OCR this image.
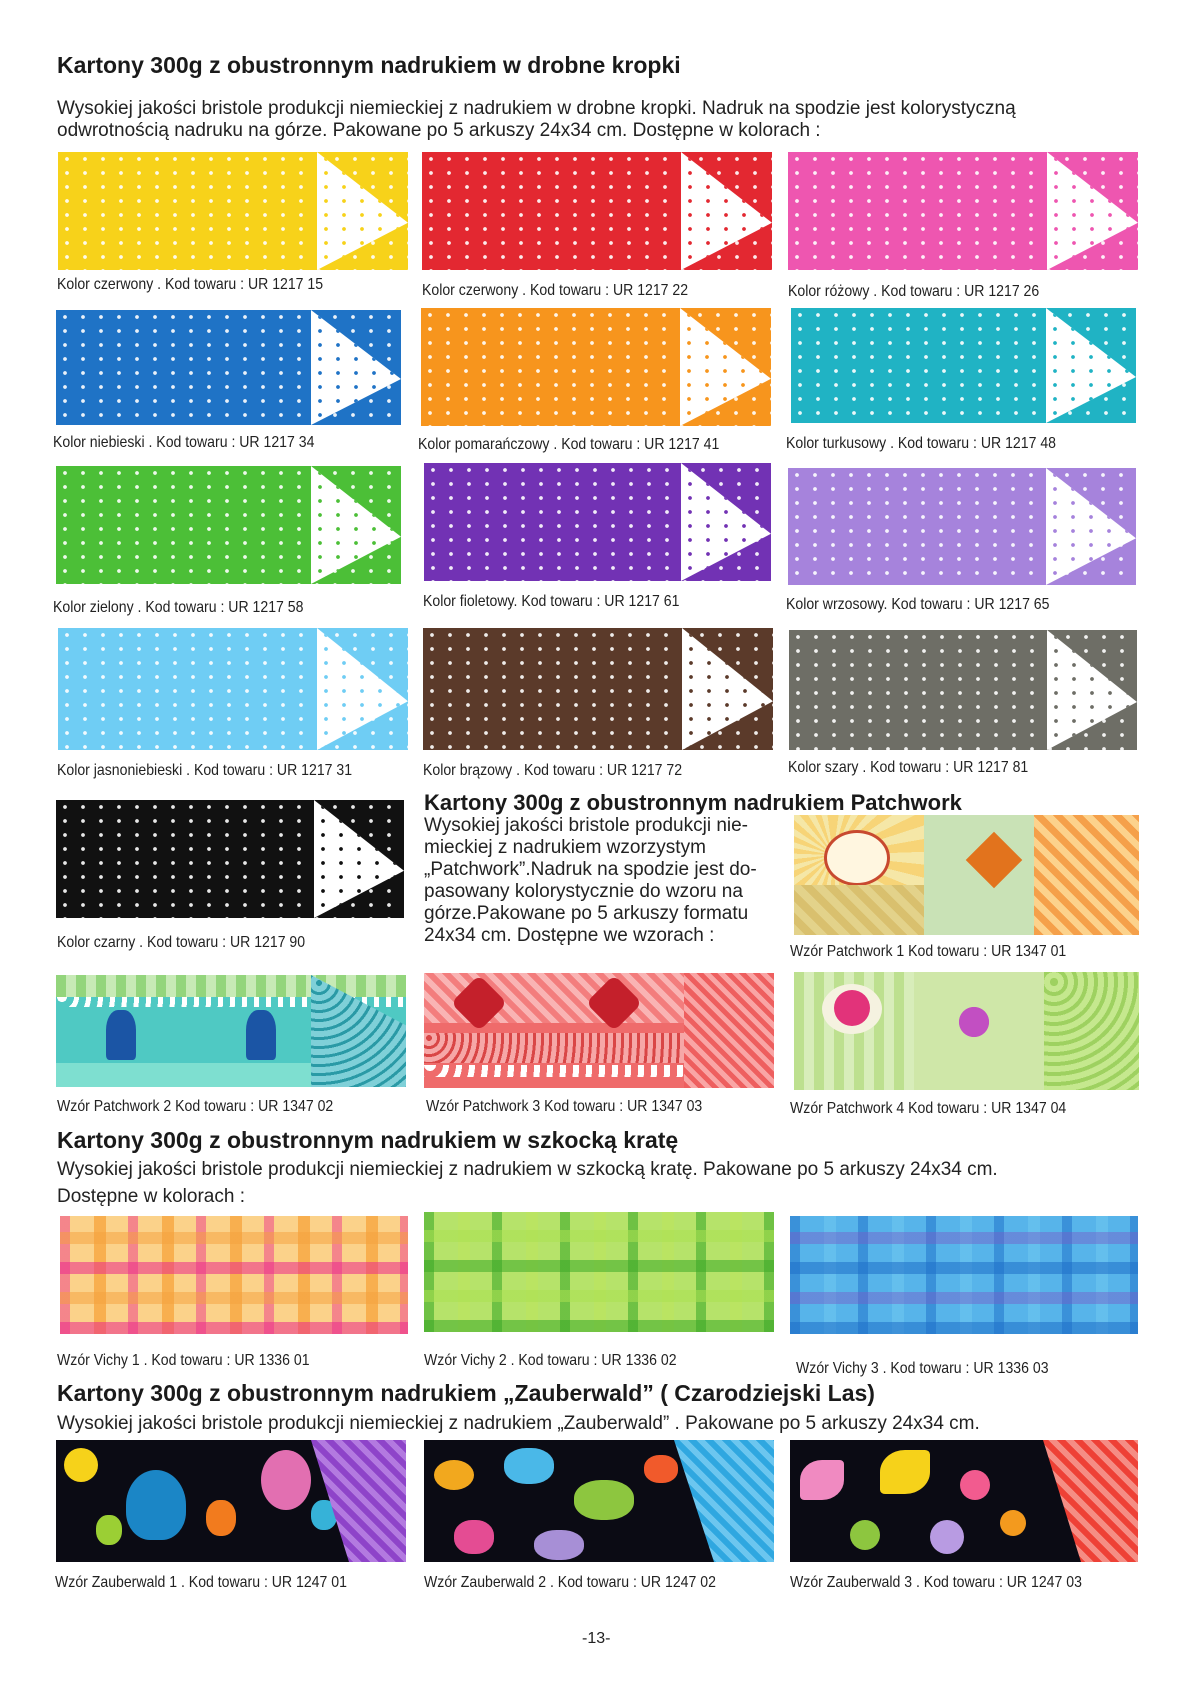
Kartony 300g z obustronnym nadrukiem w drobne kropki
Wysokiej jakości bristole produkcji niemieckiej z nadrukiem w drobne kropki. Nadruk na spodzie jest kolorystyczną
odwrotnością nadruku na górze. Pakowane po 5 arkuszy 24x34 cm. Dostępne w kolorach :
Kolor czerwony . Kod towaru : UR 1217 15	Kolor czerwony . Kod towaru : UR 1217 22	Kolor różowy . Kod towaru : UR 1217 26
Kolor niebieski . Kod towaru : UR 1217 34	Kolor pomarańczowy . Kod towaru : UR 1217 41	Kolor turkusowy . Kod towaru : UR 1217 48
Kolor zielony . Kod towaru : UR 1217 58	Kolor fioletowy. Kod towaru : UR 1217 61	Kolor wrzosowy. Kod towaru : UR 1217 65
Kolor jasnoniebieski . Kod towaru : UR 1217 31	Kolor brązowy . Kod towaru : UR 1217 72	Kolor szary . Kod towaru : UR 1217 81
Kolor czarny . Kod towaru : UR 1217 90
Kartony 300g z obustronnym nadrukiem Patchwork
Wysokiej jakości bristole produkcji nie-
mieckiej z nadrukiem wzorzystym
„Patchwork”.Nadruk na spodzie jest do-
pasowany kolorystycznie do wzoru na
górze.Pakowane po 5 arkuszy formatu
24x34 cm. Dostępne we wzorach :
Kartony 300g z obustronnym nadrukiem w szkocką kratę
Wysokiej jakości bristole produkcji niemieckiej z nadrukiem w szkocką kratę. Pakowane po 5 arkuszy 24x34 cm.
Dostępne w kolorach :
Kartony 300g z obustronnym nadrukiem „Zauberwald” ( Czarodziejski Las)
Wysokiej jakości bristole produkcji niemieckiej z nadrukiem „Zauberwald” . Pakowane po 5 arkuszy 24x34 cm.
Wzór Patchwork 1 Kod towaru : UR 1347 01
Wzór Patchwork 2 Kod towaru : UR 1347 02	Wzór Patchwork 3 Kod towaru : UR 1347 03	Wzór Patchwork 4 Kod towaru : UR 1347 04
Wzór Vichy 1 . Kod towaru : UR 1336 01	Wzór Vichy 2 . Kod towaru : UR 1336 02	Wzór Vichy 3 . Kod towaru : UR 1336 03
Wzór Zauberwald 1 . Kod towaru : UR 1247 01	Wzór Zauberwald 2 . Kod towaru : UR 1247 02	Wzór Zauberwald 3 . Kod towaru : UR 1247 03
-13-
